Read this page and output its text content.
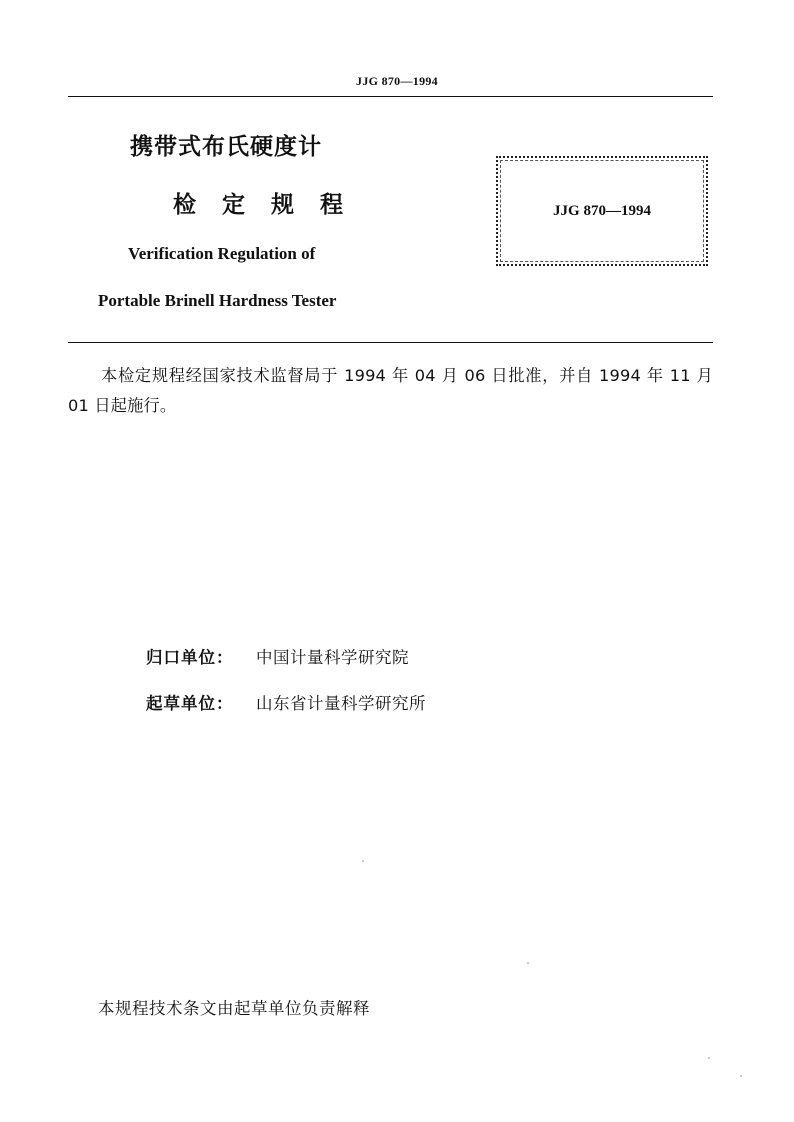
JJG 870—1994
携带式布氏硬度计
检 定 规 程
Verification Regulation of
Portable Brinell Hardness Tester
JJG 870—1994
本检定规程经国家技术监督局于 1994 年 04 月 06 日批准，并自 1994 年 11 月 01 日起施行。
归口单位： 中国计量科学研究院
起草单位： 山东省计量科学研究所
本规程技术条文由起草单位负责解释
